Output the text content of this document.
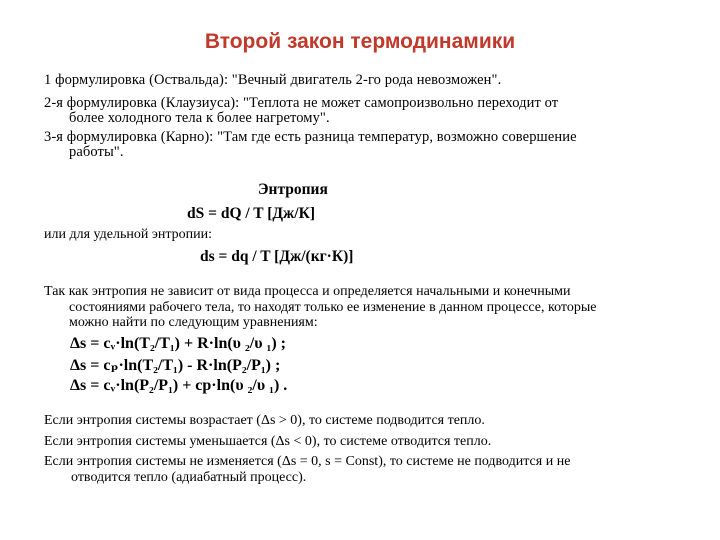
Второй закон термодинамики
1 формулировка (Оствальда): "Вечный двигатель 2-го рода невозможен".
2-я формулировка (Клаузиуса): "Теплота не может самопроизвольно переходит от
более холодного тела к более нагретому".
3-я формулировка (Карно): "Там где есть разница температур, возможно совершение
работы".
Энтропия
dS = dQ / T [Дж/К]
или для удельной энтропии:
ds = dq / T [Дж/(кг·К)]
Так как энтропия не зависит от вида процесса и определяется начальными и конечными
состояниями рабочего тела, то находят только ее изменение в данном процессе, которые
можно найти по следующим уравнениям:
Δs = cᵥ·ln(T₂/T₁) + R·ln(υ ₂/υ ₁) ;
Δs = cₚ·ln(T₂/T₁) - R·ln(P₂/P₁) ;
Δs = cᵥ·ln(P₂/P₁) + cp·ln(υ ₂/υ ₁) .
Если энтропия системы возрастает (Δs > 0), то системе подводится тепло.
Если энтропия системы уменьшается (Δs < 0), то системе отводится тепло.
Если энтропия системы не изменяется (Δs = 0, s = Const), то системе не подводится и не
отводится тепло (адиабатный процесс).
